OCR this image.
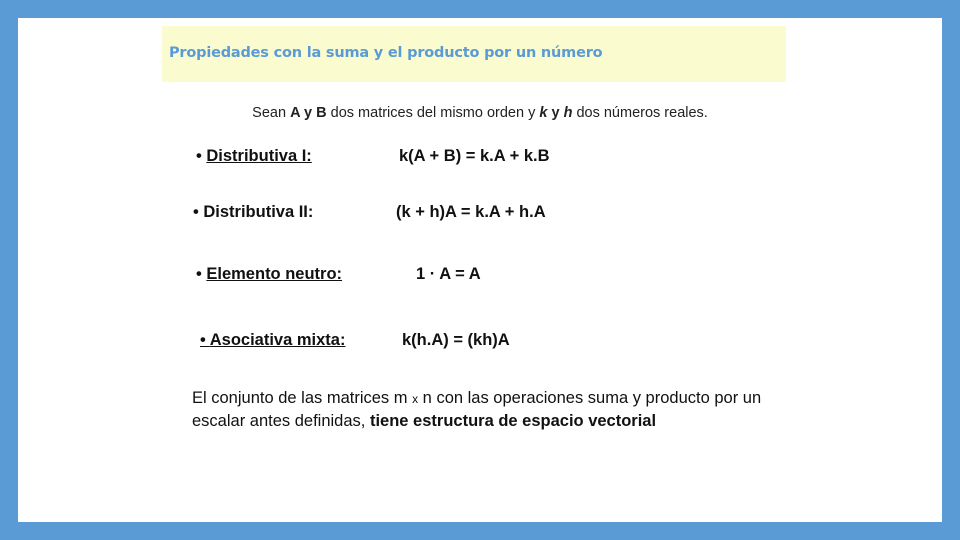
Propiedades con la suma y el producto por un número
Sean A y B dos matrices del mismo orden y k y h dos números reales.
• Distributiva I:	k(A + B) = k.A + k.B
• Distributiva II:	(k + h)A = k.A + h.A
• Elemento neutro:	1 · A = A
• Asociativa mixta:	k(h.A) = (kh)A
El conjunto de las matrices m x n con las operaciones suma y producto por un escalar antes definidas, tiene estructura de espacio vectorial
